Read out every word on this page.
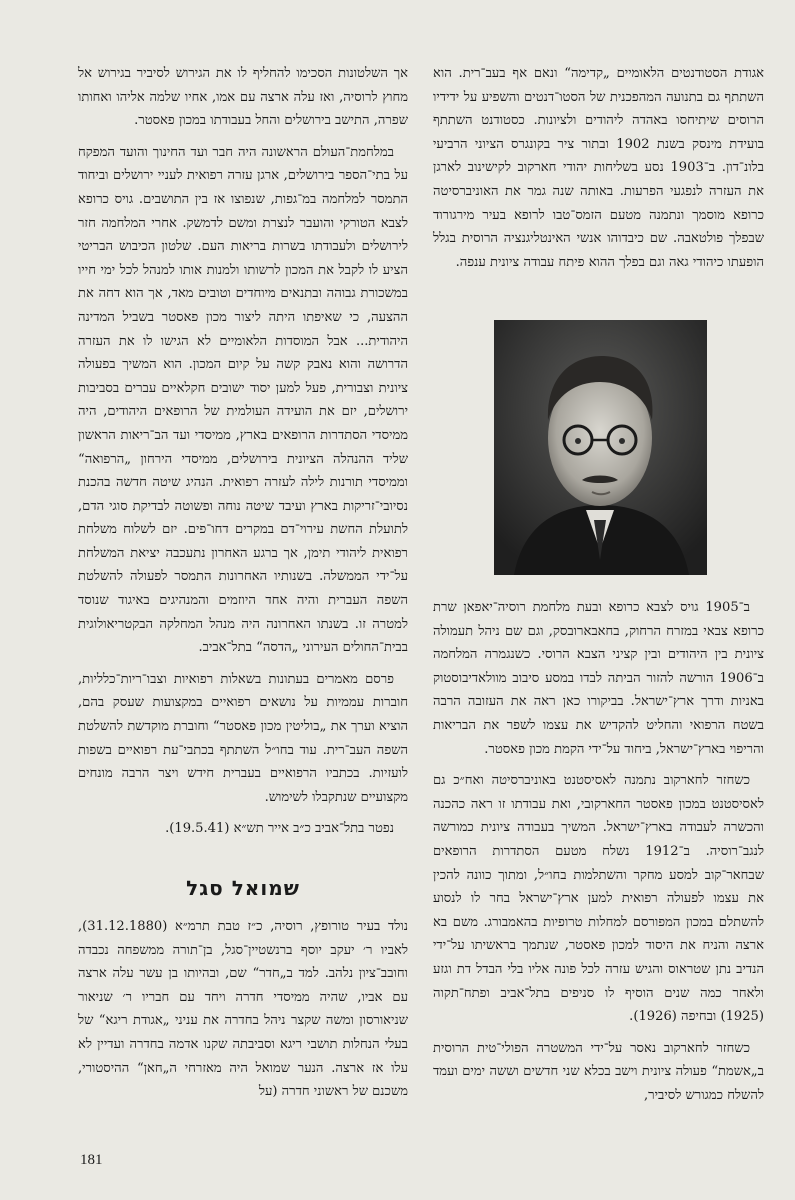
אגודת הסטודנטים הלאומיים „קדימה“ ונאם אף בעב־רית. הוא השתתף גם בתנועה המהפכנית של הסטו־דנטים והשפיע על ידידיו הרוסים שיתיחסו באהדה ליהודים ולציונות. כסטודנט השתתף בועידת מינסק בשנת 1902 ובתור ציר בקונגרס הציוני הרביעי בלונ־דון. ב־1903 נסע בשליחות יהודי חארקוב לקישינוב לארגן את העזרה לנפגעי הפרעות. באותה שנה גמר את האוניברסיטה כרופא מוסמך ונתמנה מטעם הזמס־טבו לרופא בעיר מירגורוד שבפלך פולטאבה. שם כיבדוהו אנשי האינטליגנציה הרוסית בגלל הופעתו כיהודי גאה וגם בפלך ההוא פיתח עבודה ציונית ענפה.

ב־1905 גויס לצבא כרופא ובעת מלחמת רוסיה־יאפאן שרת כרופא צבאי במזרח הרחוק, בחאבארובסק, וגם שם ניהל תעמולה ציונית בין היהודים ובין קציני הצבא הרוסי. כשנגמרה המלחמה ב־1906 הורשה להזור הביתה לבדו במסע סיבוב מוולאדיבוסטוק באניות ודרך ארץ־ישראל. בביקורו כאן ראה את העזובה הרבה בשטח הרפואי והחליט להקדיש את עצמו לשפר את הבריאות והריפוי בארץ־ישראל, ביחוד על־ידי הקמת מכון פאסטר.

כשחזר לחארקוב נתמנה לאסיסטנט באוניברסיטה ואח״כ גם לאסיסטנט במכון פאסטר החארקובי, ואת עבודתו זו ראה כהכנה והכשרה לעבודה בארץ־ישראל. המשיך בעבודה ציונית כמורשה לנגב־רוסיה. ב־1912 נשלח מטעם הסתדרות הרופאים שבחאר־קוב למסע מחקר והשתלמות בחו״ל, ומתוך כוונה להכין את עצמו לפעולה רפואית למען ארץ־ישראל בחר לו לנסוע להשתלם במכון המפורסם למחלות טרופיות בהאמבורג. משם בא ארצה והניח את היסוד למכון פאסטר, שנתמך בראשיתו על־ידי הנדיב נתן שטראוס והגיש עזרה לכל פונה אליו בלי הבדל דת וגזע ולאחר כמה שנים הוסיף לו סניפים בתל־אביב ופתח־תקוה (1925) ובחיפה (1926).

כשחזר לחארקוב נאסר על־ידי המשטרה הפולי־טית הרוסית ב„אשמת“ פעולה ציונית וישב בכלא שני חדשים וששה ימים ועמד להשלח כמגורש לסיביר,

אך השלטונות הסכימו להחליף לו את הגירוש לסיביר בגירוש אל מחוץ לרוסיה, ואז עלה ארצה עם אמו, אחיו שלמה אליהו ואחותו שפרה, התישב בירושלים והחל בעבודתו במכון פאסטר.

במלחמת־העולם הראשונה היה חבר ועד החינוך והועד המפקח על בתי־הספר בירושלים, ארגן עזרה רפואית לעניי ירושלים וביחוד התמסר למלחמה במ־גפות, שנפוצו אז בין התושבים. גויס כרופא לצבא הטורקי והועבר לנצרת ומשם לדמשק. אחרי המלחמה חזר לירושלים ולעבודתו בשרות בריאות העם. שלטון הכיבוש הבריטי הציע לו לקבל את המכון לרשותו ולמנות אותו למנהל לכל ימי חייו במשכורת גבוהה ובתנאים מיוחדים וטובים מאד, אך הוא דחה את ההצעה, כי שאיפתו היתה ליצור מכון פאסטר בשביל המדינה היהודית... אבל המוסדות הלאומיים לא הגישו לו את העזרה הדרושה והוא נאבק קשה על קיום המכון. הוא המשיך בפעולה ציונית וצבורית, פעל למען יסוד ישובים חקלאיים עברים בסביבות ירושלים, יזם את הועידה העולמית של הרופאים היהודים, היה ממיסדי הסתדרות הרופאים בארץ, ממיסדי ועד הב־ריאות הראשון שליד ההנהלה הציונית בירושלים, ממיסדי הירחון „הרפואה“ וממיסדי תורנות לילה לעזרה רפואית. הנהיג שיטה חדשה בהכנת נסיובי־זריקות בארץ ועיבד שיטה נוחה ופשוטה לבדיקת סוגי הדם, לתועלת החשת עירוי־דם במקרים דחו־פים. יזם לשלוח משלחת רפואית ליהודי תימן, אך ברגע האחרון נתעכבה יציאת המשלחת על־ידי הממשלה. בשנותיו האחרונות התמסר לפעולה להשלטת השפה העברית והיה אחד היוזמים והמנהיגים באיגוד שנוסד למטרה זו. בשנתו האחרונה היה מנהל המחלקה הבקטריאולוגית בבית־החולים העירוני „הדסה“ בתל־אביב.

פרסם מאמרים בעתונות בשאלות רפואיות וצבו־ריות־כלליות, חוברות עממיות על נושאים רפואיים במקצועות שעסק בהם, הוציא וערך את „בוליטין מכון פאסטר“ וחוברת מוקדשת להשלטת השפה העב־רית. עוד בחו״ל השתתף בכתבי־עת רפואיים בשפות לועזיות. בכתביו הרפואיים בעברית חידש ויצר הרבה מונחים מקצועיים שנתקבלו לשימוש.

נפטר בתל־אביב כ״ב אייר תש״א (19.5.41).

שמואל סגל

נולד בעיר טורופץ, רוסיה, כ״ז טבת תרמ״א (31.12.1880), לאביו ר׳ יעקב יוסף ברנשטיין־סגל, בן־תורה ממשפחה נכבדה וחובב־ציון נלהב. למד ב„חדר“ שם, ובהיותו בן עשר עלה ארצה עם אביו, שהיה ממיסדי חדרה ויחד עם חבריו ר׳ שניאור שניאורסון ומשה שקצר ניהל בחדרה את עניני „אגודת ריגא“ של בעלי הנחלות תושבי ריגא וסביבתה שקנו אדמה בחדרה ועדיין לא עלו אז ארצה. הנער שמואל היה מאזרחי ה„חאן“ ההיסטורי, משכנם של ראשוני חדרה (על

181
